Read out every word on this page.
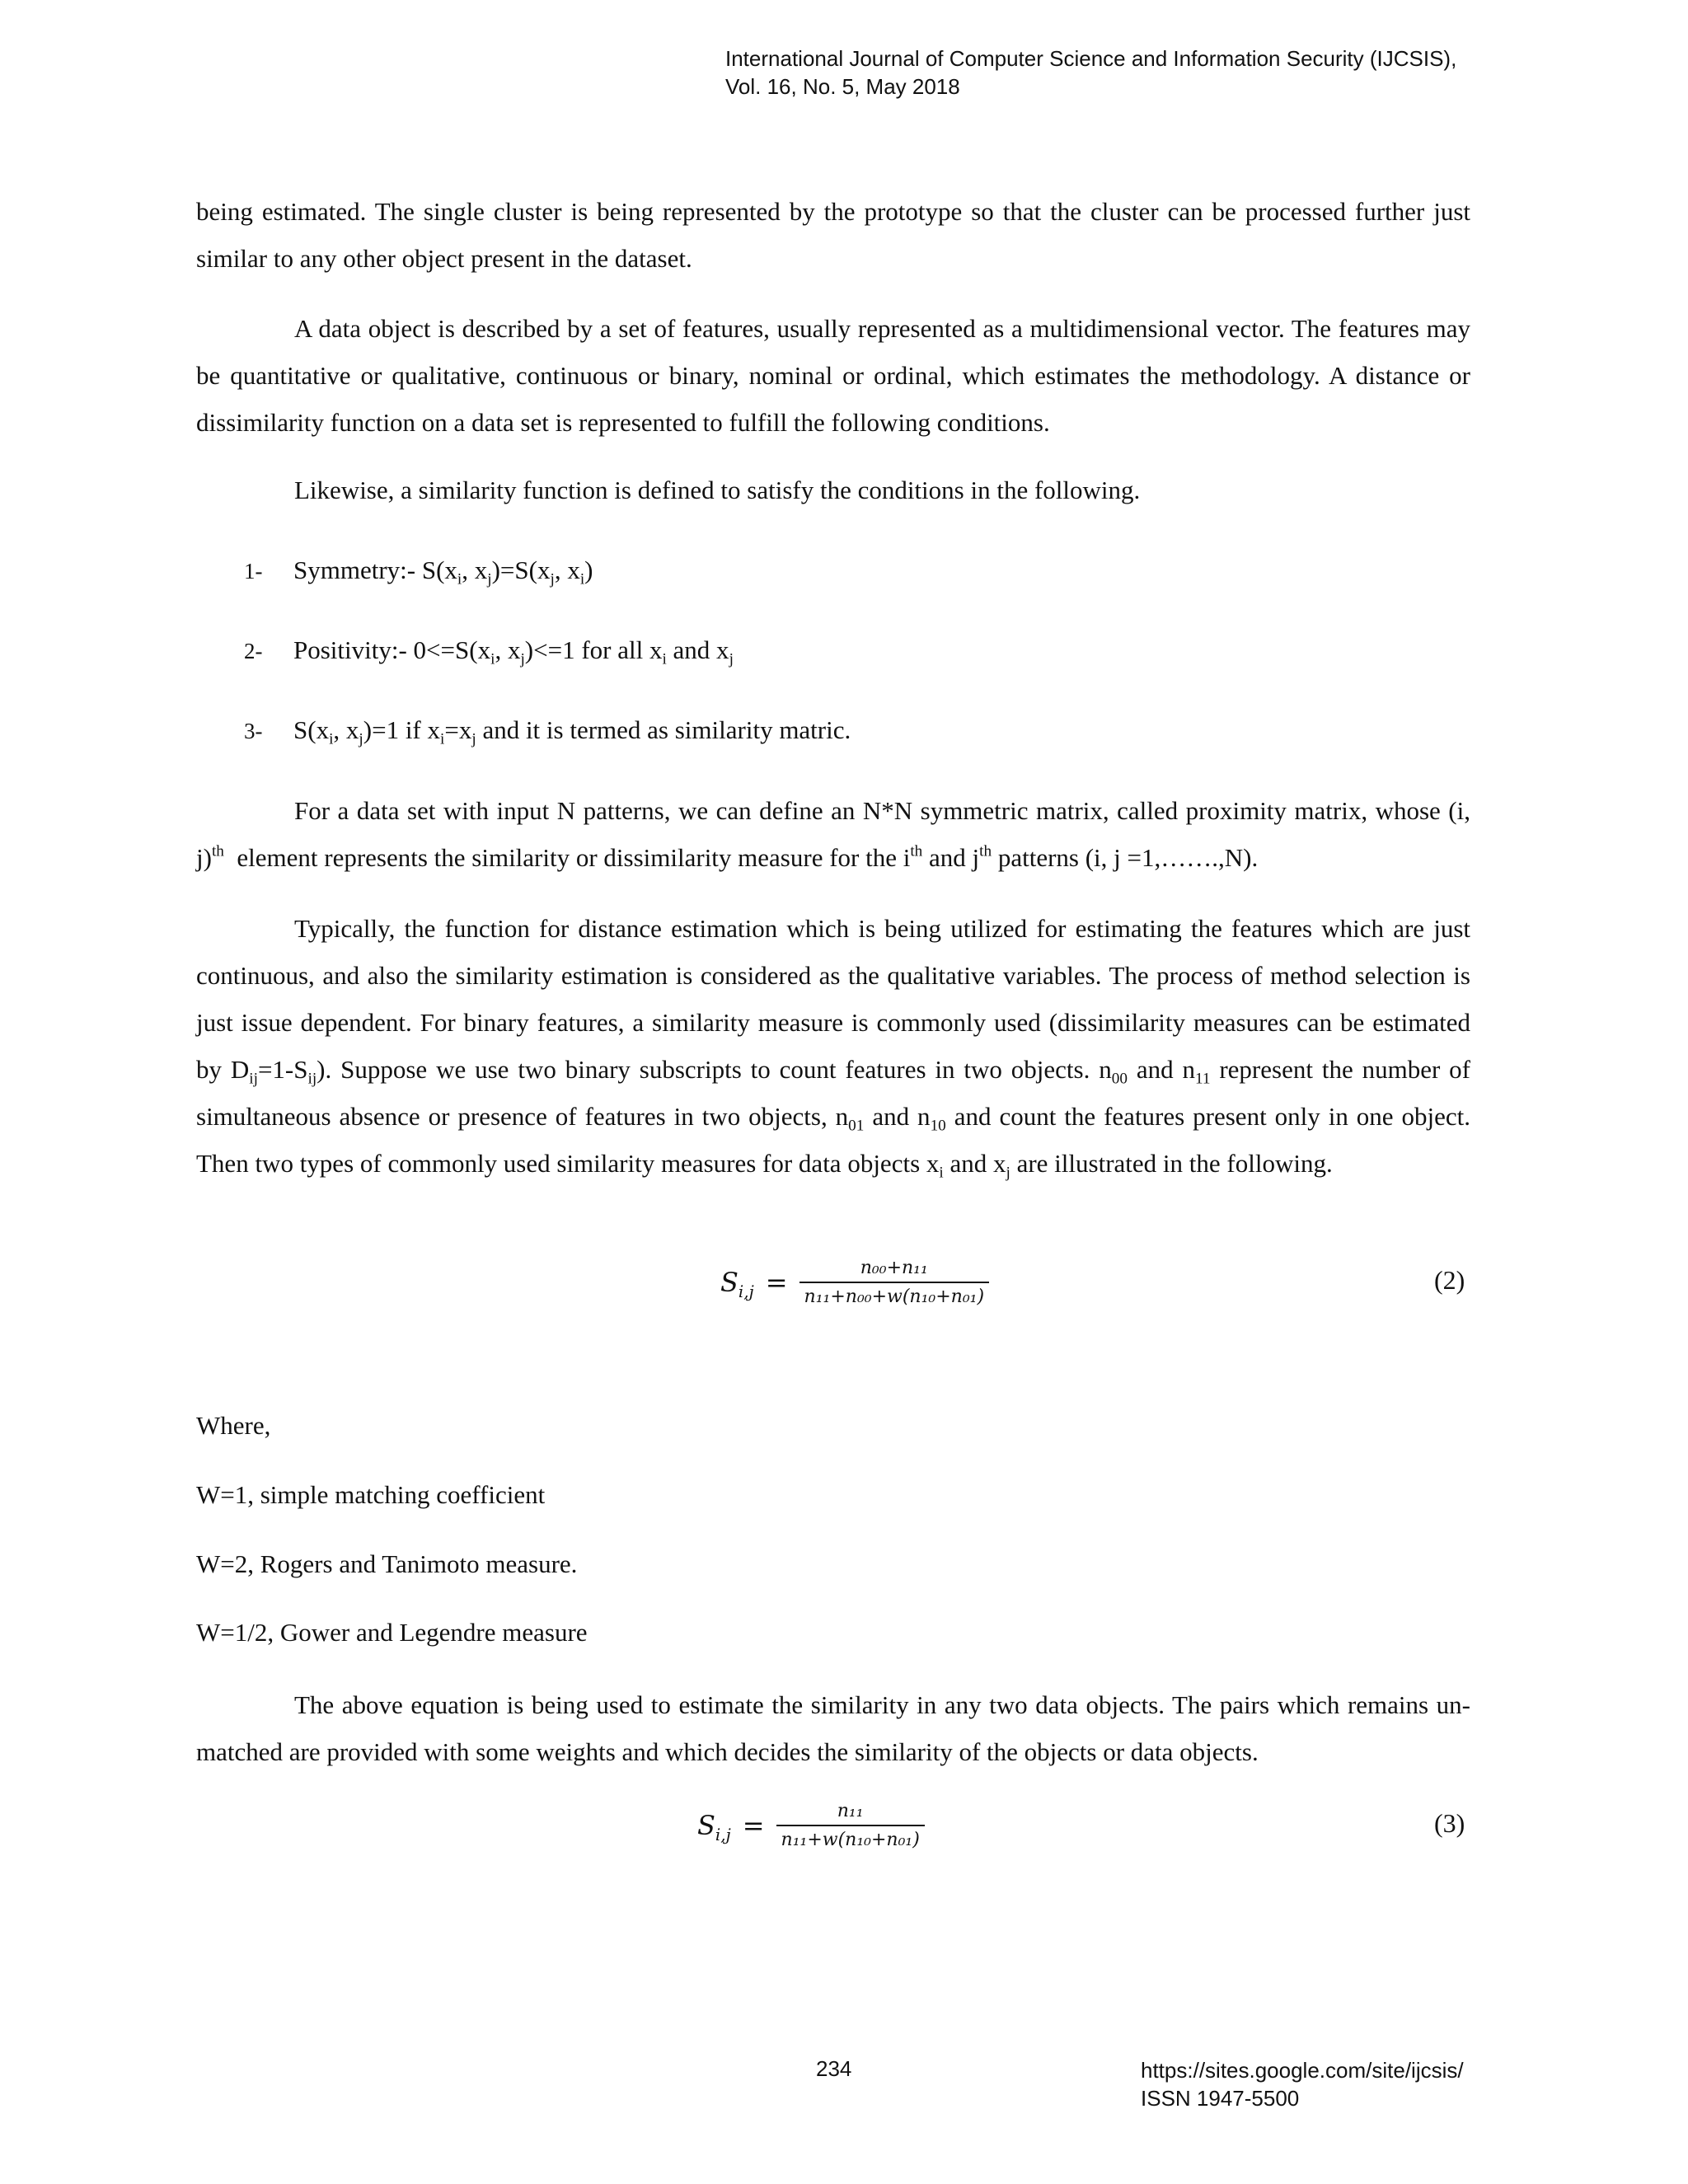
International Journal of Computer Science and Information Security (IJCSIS),
Vol. 16, No. 5, May 2018

being estimated. The single cluster is being represented by the prototype so that the cluster can be processed further just similar to any other object present in the dataset.

A data object is described by a set of features, usually represented as a multidimensional vector. The features may be quantitative or qualitative, continuous or binary, nominal or ordinal, which estimates the methodology. A distance or dissimilarity function on a data set is represented to fulfill the following conditions.

Likewise, a similarity function is defined to satisfy the conditions in the following.

1- Symmetry:- $S(x_i$, $x_j)=S(x_j$, $x_i$)
2- Positivity:- $0<=S(x_i$, $x_j)<=1$ for all $x_i$ and $x_j$
3- $S(x_i$, $x_j)=1$ if $x_i=x_j$ and it is termed as similarity matric.

For a data set with input N patterns, we can define an N*N symmetric matrix, called proximity matrix, whose (i, j)$^{th}$ element represents the similarity or dissimilarity measure for the $i^{th}$ and $j^{th}$ patterns (i, j =1,…….,N).

Typically, the function for distance estimation which is being utilized for estimating the features which are just continuous, and also the similarity estimation is considered as the qualitative variables. The process of method selection is just issue dependent. For binary features, a similarity measure is commonly used (dissimilarity measures can be estimated by $D_{ij}=1-S_{ij}$). Suppose we use two binary subscripts to count features in two objects. $n_{00}$ and $n_{11}$ represent the number of simultaneous absence or presence of features in two objects, $n_{01}$ and $n_{10}$ and count the features present only in one object. Then two types of commonly used similarity measures for data objects $x_i$ and $x_j$ are illustrated in the following.

$S_{i,j} = \frac{\text{n₀₀+n₁₁}}{\text{n₁₁+n₀₀+w(n₁₀+n₀₁)}}$	(2)
Where,
W=1, simple matching coefficient
W=2, Rogers and Tanimoto measure.
W=1/2, Gower and Legendre measure

The above equation is being used to estimate the similarity in any two data objects. The pairs which remains un-matched are provided with some weights and which decides the similarity of the objects or data objects.

$S_{i,j} = \frac{\text{n₁₁}}{\text{n₁₁+w(n₁₀+n₀₁)}}$	(3)
234	https://sites.google.com/site/ijcsis/
ISSN 1947-5500
